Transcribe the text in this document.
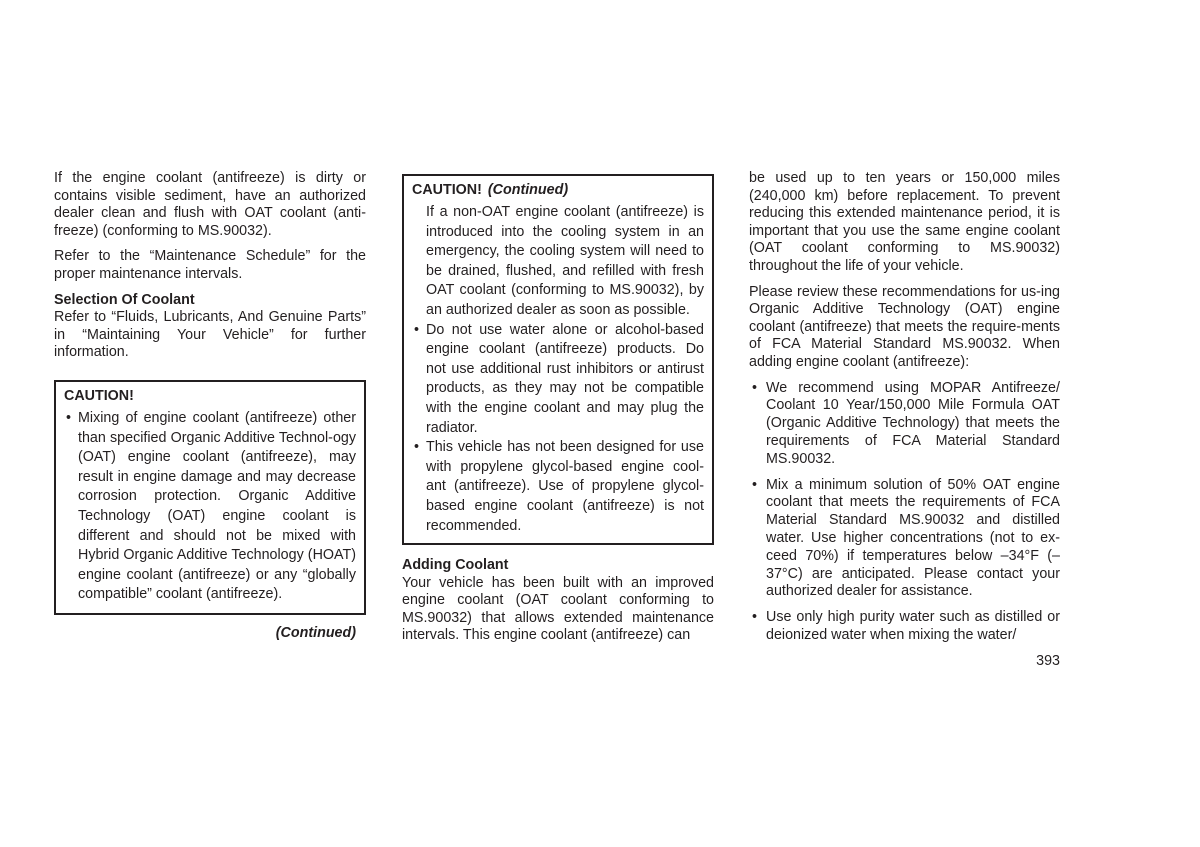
If the engine coolant (antifreeze) is dirty or contains visible sediment, have an authorized dealer clean and flush with OAT coolant (anti-freeze) (conforming to MS.90032).

Refer to the “Maintenance Schedule” for the proper maintenance intervals.

Selection Of Coolant

Refer to “Fluids, Lubricants, And Genuine Parts” in “Maintaining Your Vehicle” for further information.

CAUTION!

• Mixing of engine coolant (antifreeze) other than specified Organic Additive Technol-ogy (OAT) engine coolant (antifreeze), may result in engine damage and may decrease corrosion protection. Organic Additive Technology (OAT) engine coolant is different and should not be mixed with Hybrid Organic Additive Technology (HOAT) engine coolant (antifreeze) or any “globally compatible” coolant (antifreeze).
(Continued)

CAUTION! (Continued)

If a non-OAT engine coolant (antifreeze) is introduced into the cooling system in an emergency, the cooling system will need to be drained, flushed, and refilled with fresh OAT coolant (conforming to MS.90032), by an authorized dealer as soon as possible.
• Do not use water alone or alcohol-based engine coolant (antifreeze) products. Do not use additional rust inhibitors or antirust products, as they may not be compatible with the engine coolant and may plug the radiator.
• This vehicle has not been designed for use with propylene glycol-based engine cool-ant (antifreeze). Use of propylene glycol-based engine coolant (antifreeze) is not recommended.

Adding Coolant

Your vehicle has been built with an improved engine coolant (OAT coolant conforming to MS.90032) that allows extended maintenance intervals. This engine coolant (antifreeze) can

be used up to ten years or 150,000 miles (240,000 km) before replacement. To prevent reducing this extended maintenance period, it is important that you use the same engine coolant (OAT coolant conforming to MS.90032) throughout the life of your vehicle.

Please review these recommendations for us-ing Organic Additive Technology (OAT) engine coolant (antifreeze) that meets the require-ments of FCA Material Standard MS.90032. When adding engine coolant (antifreeze):

• We recommend using MOPAR Antifreeze/ Coolant 10 Year/150,000 Mile Formula OAT (Organic Additive Technology) that meets the requirements of FCA Material Standard MS.90032.
• Mix a minimum solution of 50% OAT engine coolant that meets the requirements of FCA Material Standard MS.90032 and distilled water. Use higher concentrations (not to ex-ceed 70%) if temperatures below –34°F (–37°C) are anticipated. Please contact your authorized dealer for assistance.
• Use only high purity water such as distilled or deionized water when mixing the water/
393
